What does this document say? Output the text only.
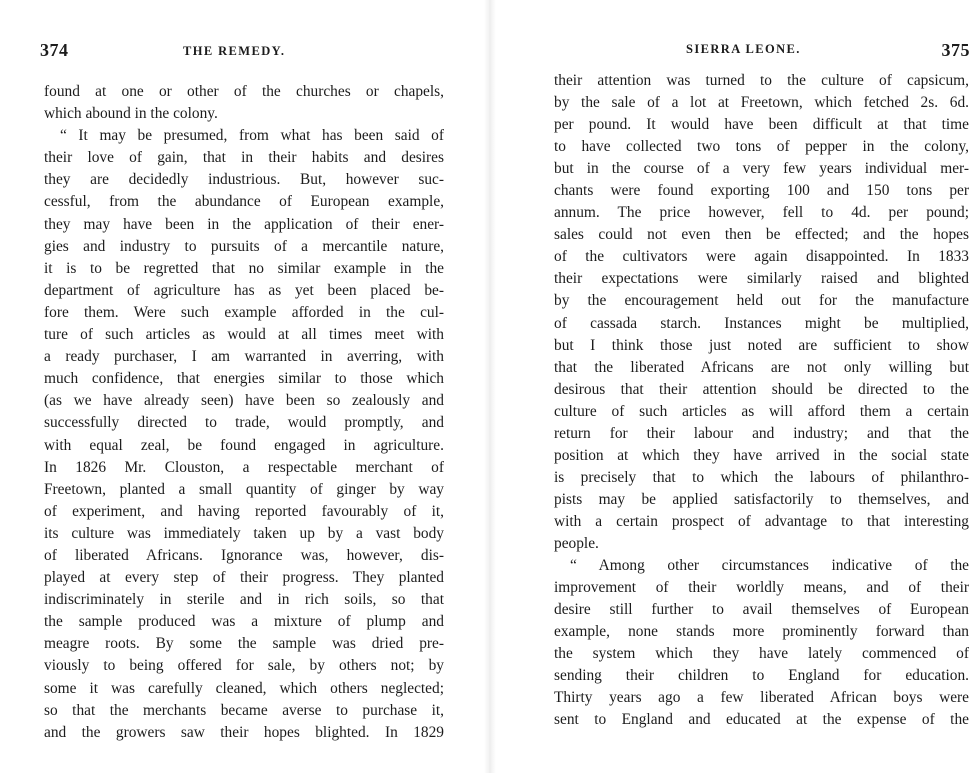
374	THE REMEDY.
found at one or other of the churches or chapels,
which abound in the colony.
“ It may be presumed, from what has been said of
their love of gain, that in their habits and desires
they are decidedly industrious. But, however suc-
cessful, from the abundance of European example,
they may have been in the application of their ener-
gies and industry to pursuits of a mercantile nature,
it is to be regretted that no similar example in the
department of agriculture has as yet been placed be-
fore them. Were such example afforded in the cul-
ture of such articles as would at all times meet with
a ready purchaser, I am warranted in averring, with
much confidence, that energies similar to those which
(as we have already seen) have been so zealously and
successfully directed to trade, would promptly, and
with equal zeal, be found engaged in agriculture.
In 1826 Mr. Clouston, a respectable merchant of
Freetown, planted a small quantity of ginger by way
of experiment, and having reported favourably of it,
its culture was immediately taken up by a vast body
of liberated Africans. Ignorance was, however, dis-
played at every step of their progress. They planted
indiscriminately in sterile and in rich soils, so that
the sample produced was a mixture of plump and
meagre roots. By some the sample was dried pre-
viously to being offered for sale, by others not; by
some it was carefully cleaned, which others neglected;
so that the merchants became averse to purchase it,
and the growers saw their hopes blighted. In 1829
SIERRA LEONE.	375
their attention was turned to the culture of capsicum,
by the sale of a lot at Freetown, which fetched 2s. 6d.
per pound. It would have been difficult at that time
to have collected two tons of pepper in the colony,
but in the course of a very few years individual mer-
chants were found exporting 100 and 150 tons per
annum. The price however, fell to 4d. per pound;
sales could not even then be effected; and the hopes
of the cultivators were again disappointed. In 1833
their expectations were similarly raised and blighted
by the encouragement held out for the manufacture
of cassada starch. Instances might be multiplied,
but I think those just noted are sufficient to show
that the liberated Africans are not only willing but
desirous that their attention should be directed to the
culture of such articles as will afford them a certain
return for their labour and industry; and that the
position at which they have arrived in the social state
is precisely that to which the labours of philanthro-
pists may be applied satisfactorily to themselves, and
with a certain prospect of advantage to that interesting
people.
“ Among other circumstances indicative of the
improvement of their worldly means, and of their
desire still further to avail themselves of European
example, none stands more prominently forward than
the system which they have lately commenced of
sending their children to England for education.
Thirty years ago a few liberated African boys were
sent to England and educated at the expense of the
